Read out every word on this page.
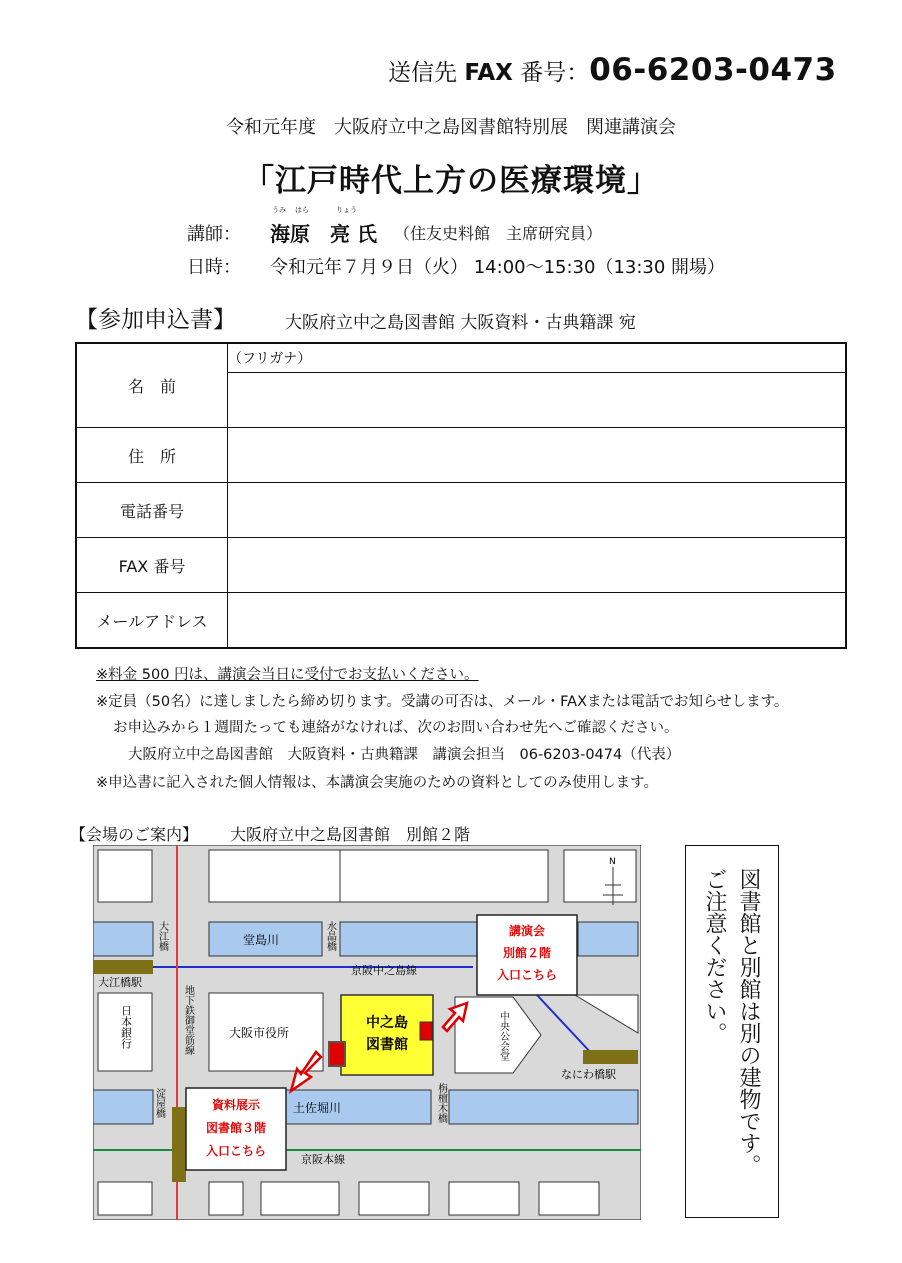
送信先 FAX 番号：06-6203-0473
令和元年度　大阪府立中之島図書館特別展　関連講演会
「江戸時代上方の医療環境」
講師：
うみ はら	りょう
海原　亮 氏 （住友史料館　主席研究員）
日時： 令和元年７月９日（火） 14:00～15:30（13:30 開場）
【参加申込書】	大阪府立中之島図書館 大阪資料・古典籍課 宛
名　前	（フリガナ）

住　所	
電話番号	
FAX 番号	
メールアドレス	
※料金 500 円は、講演会当日に受付でお支払いください。
※定員（50名）に達しましたら締め切ります。受講の可否は、メール・FAXまたは電話でお知らせします。
お申込みから１週間たっても連絡がなければ、次のお問い合わせ先へご確認ください。
大阪府立中之島図書館　大阪資料・古典籍課　講演会担当　06-6203-0474（代表）
※申込書に記入された個人情報は、本講演会実施のための資料としてのみ使用します。
【会場のご案内】 大阪府立中之島図書館　別館２階
N
講演会
別館２階
入口こちら
資料展示
図書館３階
入口こちら
堂島川
京阪中之島線
大江橋駅
大阪市役所
中之島
図書館
なにわ橋駅
土佐堀川
京阪本線
大江橋	水晶橋
地下鉄御堂筋線
日本銀行
淀屋橋	栴檀木橋
中央公会堂	図書館と別館は別の建物です。
ご注意ください。
